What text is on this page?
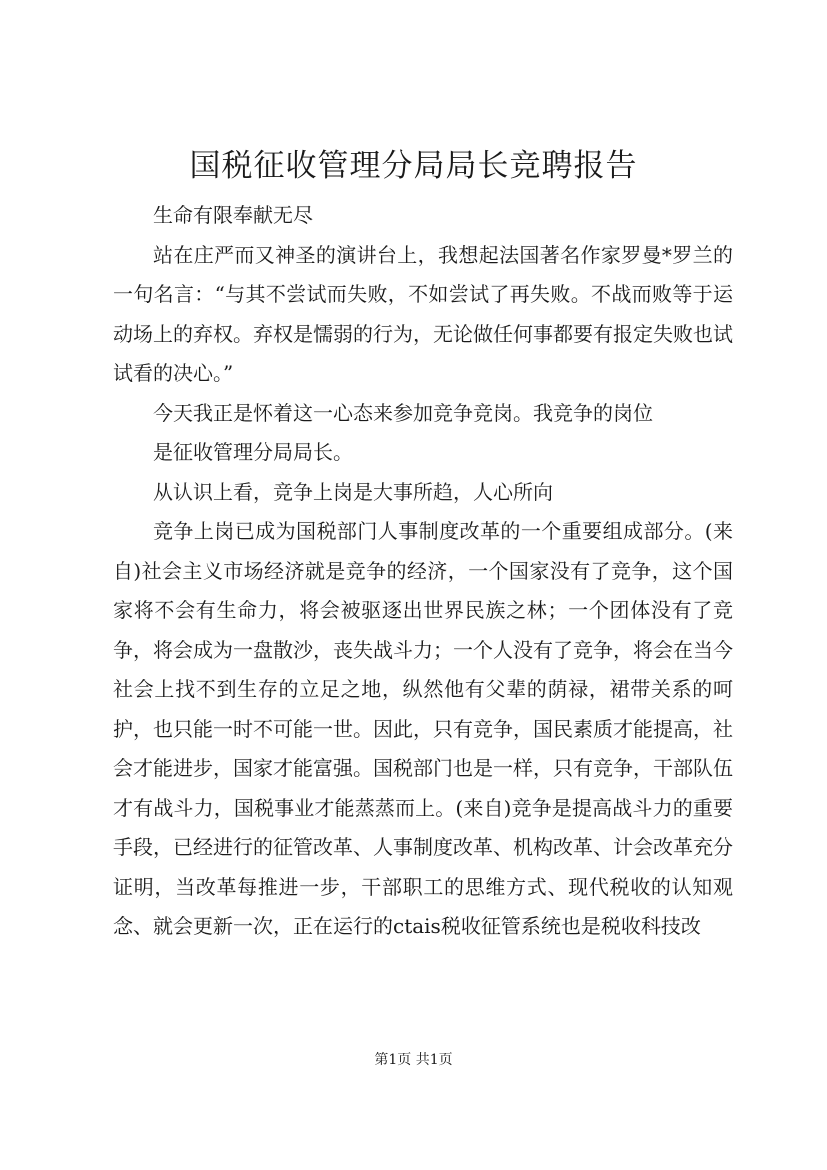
国税征收管理分局局长竞聘报告

生命有限奉献无尽

站在庄严而又神圣的演讲台上，我想起法国著名作家罗曼*罗兰的一句名言：“与其不尝试而失败，不如尝试了再失败。不战而败等于运动场上的弃权。弃权是懦弱的行为，无论做任何事都要有报定失败也试试看的决心。”

今天我正是怀着这一心态来参加竞争竞岗。我竞争的岗位

是征收管理分局局长。

从认识上看，竞争上岗是大事所趋，人心所向

竞争上岗已成为国税部门人事制度改革的一个重要组成部分。(来自)社会主义市场经济就是竞争的经济，一个国家没有了竞争，这个国家将不会有生命力，将会被驱逐出世界民族之林；一个团体没有了竞争，将会成为一盘散沙，丧失战斗力；一个人没有了竞争，将会在当今社会上找不到生存的立足之地，纵然他有父辈的荫禄，裙带关系的呵护，也只能一时不可能一世。因此，只有竞争，国民素质才能提高，社会才能进步，国家才能富强。国税部门也是一样，只有竞争，干部队伍才有战斗力，国税事业才能蒸蒸而上。(来自)竞争是提高战斗力的重要手段，已经进行的征管改革、人事制度改革、机构改革、计会改革充分证明，当改革每推进一步，干部职工的思维方式、现代税收的认知观念、就会更新一次，正在运行的ctais税收征管系统也是税收科技改

第1页 共1页
